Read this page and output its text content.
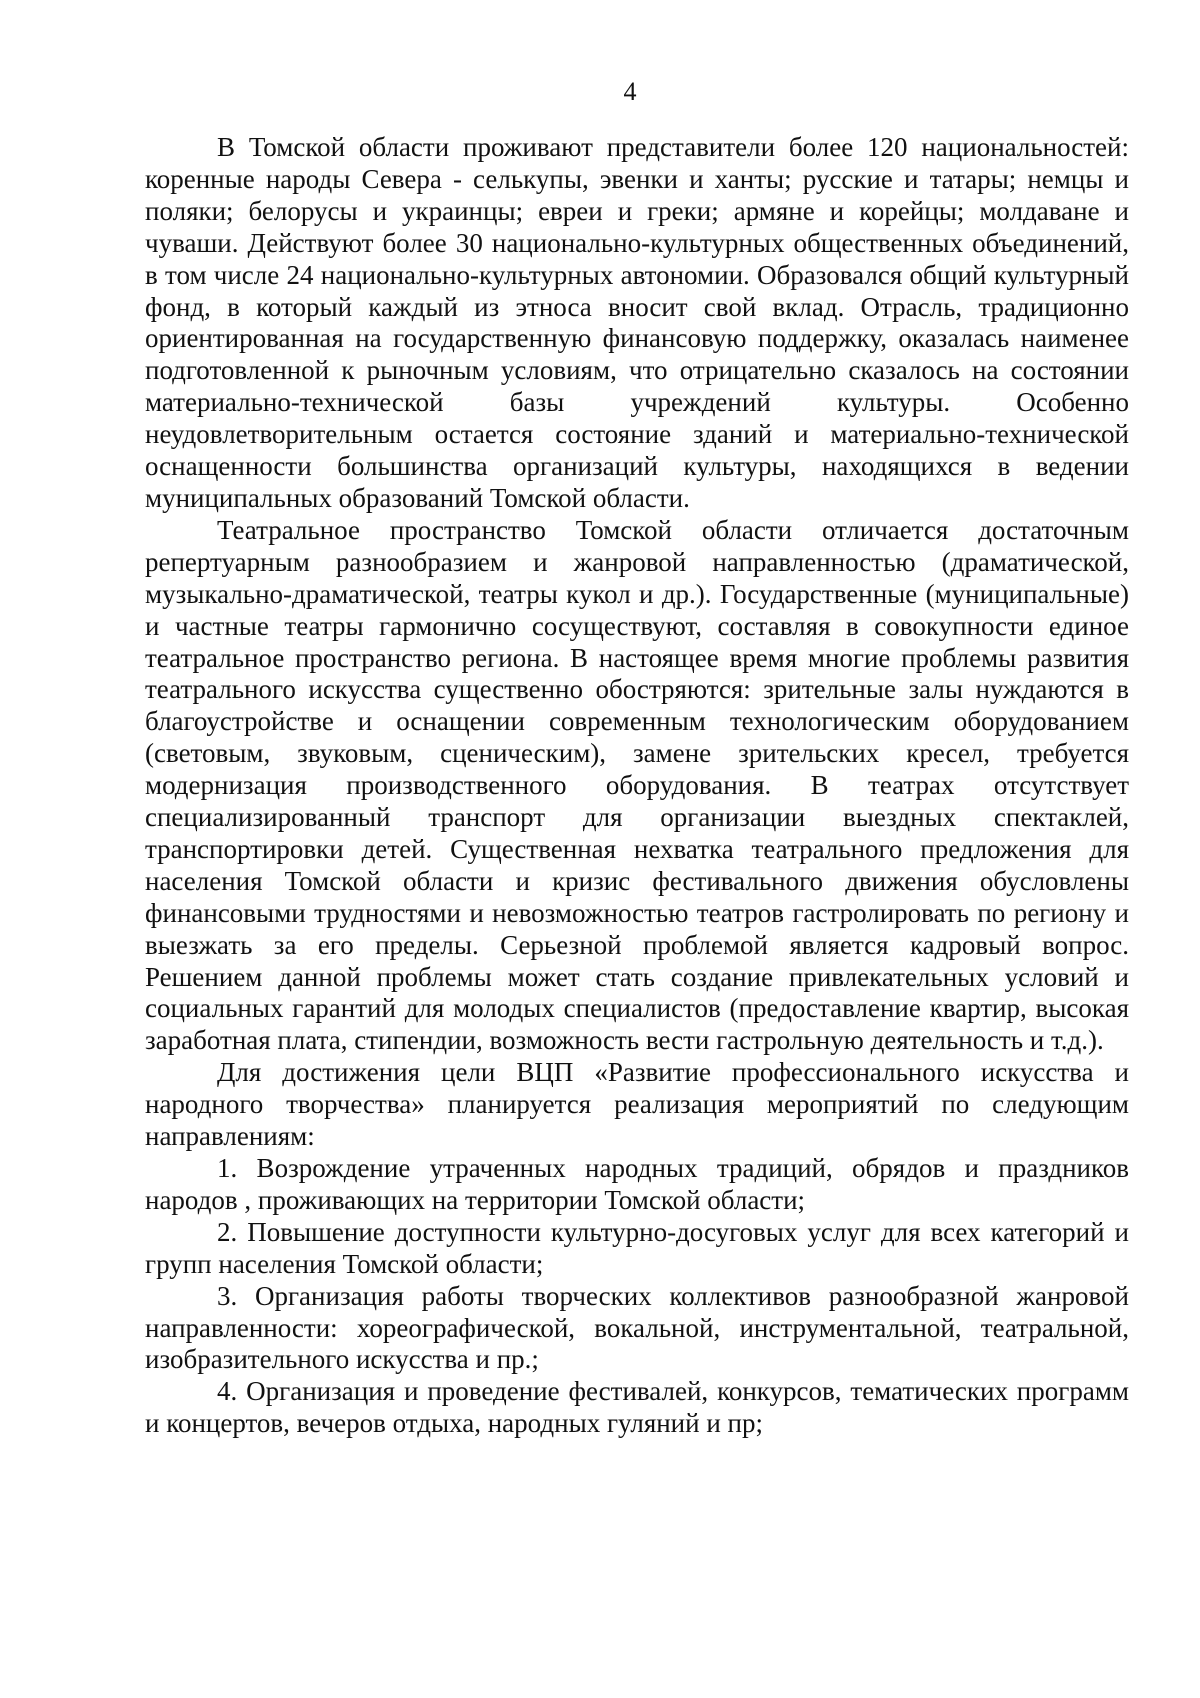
4

В Томской области проживают представители более 120 национальностей: коренные народы Севера - селькупы, эвенки и ханты; русские и татары; немцы и поляки; белорусы и украинцы; евреи и греки; армяне и корейцы; молдаване и чуваши. Действуют более 30 национально-культурных общественных объединений, в том числе 24 национально-культурных автономии. Образовался общий культурный фонд, в который каждый из этноса вносит свой вклад. Отрасль, традиционно ориентированная на государственную финансовую поддержку, оказалась наименее подготовленной к рыночным условиям, что отрицательно сказалось на состоянии материально-технической базы учреждений культуры. Особенно неудовлетворительным остается состояние зданий и материально-технической оснащенности большинства организаций культуры, находящихся в ведении муниципальных образований Томской области.

Театральное пространство Томской области отличается достаточным репертуарным разнообразием и жанровой направленностью (драматической, музыкально-драматической, театры кукол и др.). Государственные (муниципальные) и частные театры гармонично сосуществуют, составляя в совокупности единое театральное пространство региона. В настоящее время многие проблемы развития театрального искусства существенно обостряются: зрительные залы нуждаются в благоустройстве и оснащении современным технологическим оборудованием (световым, звуковым, сценическим), замене зрительских кресел, требуется модернизация производственного оборудования. В театрах отсутствует специализированный транспорт для организации выездных спектаклей, транспортировки детей. Существенная нехватка театрального предложения для населения Томской области и кризис фестивального движения обусловлены финансовыми трудностями и невозможностью театров гастролировать по региону и выезжать за его пределы. Серьезной проблемой является кадровый вопрос. Решением данной проблемы может стать создание привлекательных условий и социальных гарантий для молодых специалистов (предоставление квартир, высокая заработная плата, стипендии, возможность вести гастрольную деятельность и т.д.).

Для достижения цели ВЦП «Развитие профессионального искусства и народного творчества» планируется реализация мероприятий по следующим направлениям:

1. Возрождение утраченных народных традиций, обрядов и праздников народов , проживающих на территории Томской области;

2. Повышение доступности культурно-досуговых услуг для всех категорий и групп населения Томской области;

3. Организация работы творческих коллективов разнообразной жанровой направленности: хореографической, вокальной, инструментальной, театральной, изобразительного искусства и пр.;

4. Организация и проведение фестивалей, конкурсов, тематических программ и концертов, вечеров отдыха, народных гуляний и пр;
